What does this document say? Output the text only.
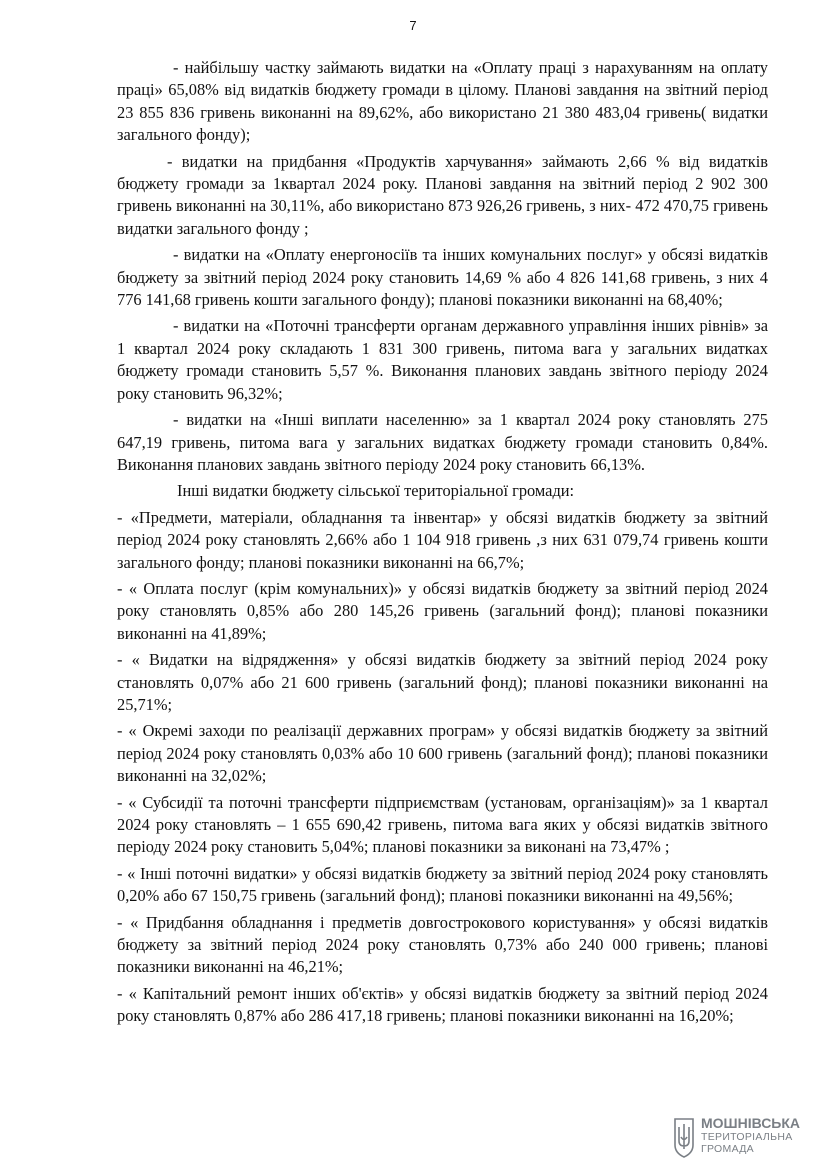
7

- найбільшу частку займають видатки на «Оплату праці з нарахуванням на оплату праці» 65,08% від видатків бюджету громади в цілому. Планові завдання на звітний період 23 855 836 гривень виконанні на 89,62%, або використано 21 380 483,04 гривень( видатки загального фонду);

- видатки на придбання «Продуктів харчування» займають 2,66 % від видатків бюджету громади за 1квартал 2024 року. Планові завдання на звітний період 2 902 300 гривень виконанні на 30,11%, або використано 873 926,26 гривень, з них- 472 470,75 гривень видатки загального фонду ;

- видатки на «Оплату енергоносіїв та інших комунальних послуг» у обсязі видатків бюджету за звітний період 2024 року становить 14,69 % або 4 826 141,68 гривень, з них 4 776 141,68 гривень кошти загального фонду); планові показники виконанні на 68,40%;

- видатки на «Поточні трансферти органам державного управління інших рівнів» за 1 квартал 2024 року складають 1 831 300 гривень, питома вага у загальних видатках бюджету громади становить 5,57 %. Виконання планових завдань звітного періоду 2024 року становить 96,32%;

- видатки на «Інші виплати населенню» за 1 квартал 2024 року становлять 275 647,19 гривень, питома вага у загальних видатках бюджету громади становить 0,84%. Виконання планових завдань звітного періоду 2024 року становить 66,13%.

Інші видатки бюджету сільської територіальної громади:

- «Предмети, матеріали, обладнання та інвентар» у обсязі видатків бюджету за звітний період 2024 року становлять 2,66% або 1 104 918 гривень ,з них 631 079,74 гривень кошти загального фонду; планові показники виконанні на 66,7%;

- « Оплата послуг (крім комунальних)» у обсязі видатків бюджету за звітний період 2024 року становлять 0,85% або 280 145,26 гривень (загальний фонд); планові показники виконанні на 41,89%;

- « Видатки на відрядження» у обсязі видатків бюджету за звітний період 2024 року становлять 0,07% або 21 600 гривень (загальний фонд); планові показники виконанні на 25,71%;

- « Окремі заходи по реалізації державних програм» у обсязі видатків бюджету за звітний період 2024 року становлять 0,03% або 10 600 гривень (загальний фонд); планові показники виконанні на 32,02%;

- « Субсидії та поточні трансферти підприємствам (установам, організаціям)» за 1 квартал 2024 року становлять – 1 655 690,42 гривень, питома вага яких у обсязі видатків звітного періоду 2024 року становить 5,04%; планові показники за виконані на 73,47% ;

- « Інші поточні видатки» у обсязі видатків бюджету за звітний період 2024 року становлять 0,20% або 67 150,75 гривень (загальний фонд); планові показники виконанні на 49,56%;

- « Придбання обладнання і предметів довгострокового користування» у обсязі видатків бюджету за звітний період 2024 року становлять 0,73% або 240 000 гривень; планові показники виконанні на 46,21%;

- « Капітальний ремонт інших об'єктів» у обсязі видатків бюджету за звітний період 2024 року становлять 0,87% або 286 417,18 гривень; планові показники виконанні на 16,20%;

МОШНІВСЬКА
ТЕРИТОРІАЛЬНА
ГРОМАДА
